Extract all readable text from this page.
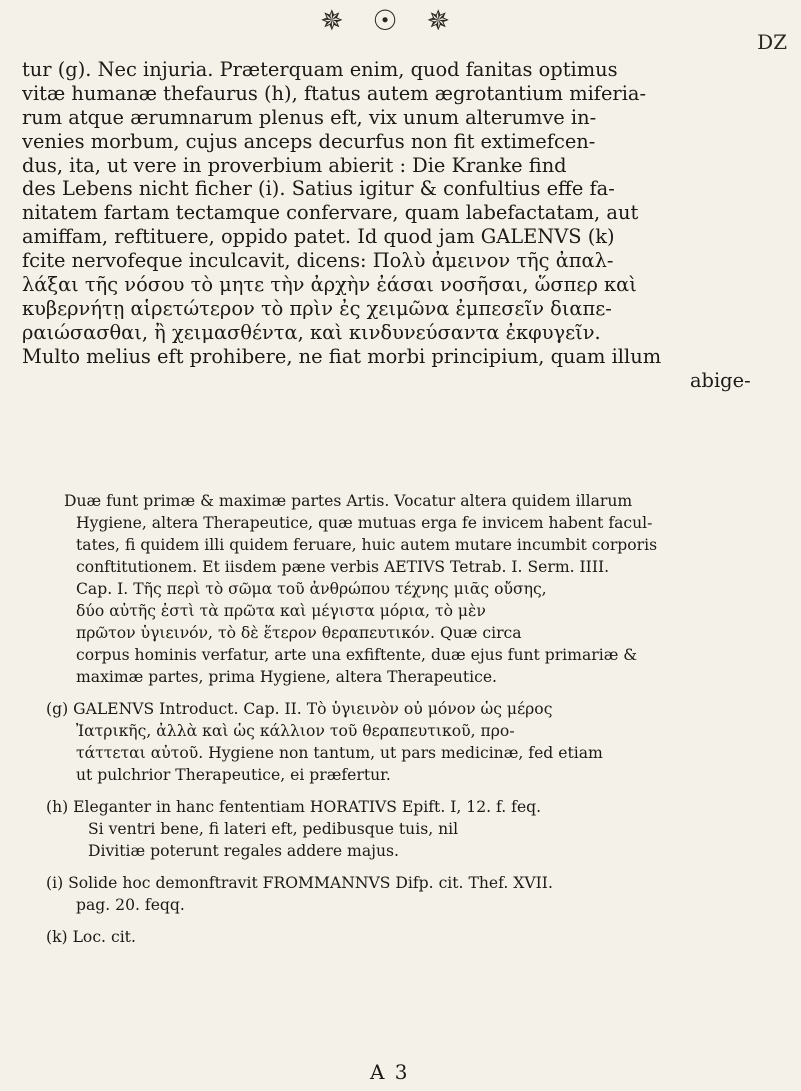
✵ ☉ ✵
Ǳ
tur (g). Nec injuria. Præterquam enim, quod fanitas optimus
vitæ humanæ thefaurus (h), ftatus autem ægrotantium miferia-
rum atque ærumnarum plenus eft, vix unum alterumve in-
venies morbum, cujus anceps decurfus non fit extimefcen-
dus, ita, ut vere in proverbium abierit : Die Kranke find
des Lebens nicht ficher (i). Satius igitur & confultius effe fa-
nitatem fartam tectamque confervare, quam labefactatam, aut
amiffam, reftituere, oppido patet. Id quod jam GALENVS (k)
fcite nervofeque inculcavit, dicens: Πολὺ ἀμεινον τῆς ἀπαλ-
λάξαι τῆς νόσου τὸ μητε τὴν ἀρχὴν ἐάσαι νοσῆσαι, ὥσπερ καὶ
κυβερνήτῃ αἱρετώτερον τὸ πρὶν ἐς χειμῶνα ἐμπεσεῖν διαπε-
ραιώσασθαι, ἢ χειμασθέντα, καὶ κινδυνεύσαντα ἐκφυγεῖν.
Multo melius eft prohibere, ne fiat morbi principium, quam illum
abige-
Duæ funt primæ & maximæ partes Artis. Vocatur altera quidem illarum
Hygiene, altera Therapeutice, quæ mutuas erga fe invicem habent facul-
tates, fi quidem illi quidem feruare, huic autem mutare incumbit corporis
conftitutionem. Et iisdem pæne verbis AETIVS Tetrab. I. Serm. IIII.
Cap. I. Τῆς περὶ τὸ σῶμα τοῦ ἀνθρώπου τέχνης μιᾶς οὔσης,
δύο αὐτῆς ἐστὶ τὰ πρῶτα καὶ μέγιστα μόρια, τὸ μὲν
πρῶτον ὑγιεινόν, τὸ δὲ ἕτερον θεραπευτικόν. Quæ circa
corpus hominis verfatur, arte una exfiftente, duæ ejus funt primariæ &
maximæ partes, prima Hygiene, altera Therapeutice.
(g) GALENVS Introduct. Cap. II. Τὸ ὑγιεινὸν οὐ μόνον ὡς μέρος
Ἰατρικῆς, ἀλλὰ καὶ ὡς κάλλιον τοῦ θεραπευτικοῦ, προ-
τάττεται αὐτοῦ. Hygiene non tantum, ut pars medicinæ, fed etiam
ut pulchrior Therapeutice, ei præfertur.
(h) Eleganter in hanc fententiam HORATIVS Epift. I, 12. f. feq.
Si ventri bene, fi lateri eft, pedibusque tuis, nil
Divitiæ poterunt regales addere majus.
(i) Solide hoc demonftravit FROMMANNVS Difp. cit. Thef. XVII.
pag. 20. feqq.
(k) Loc. cit.
A 3
